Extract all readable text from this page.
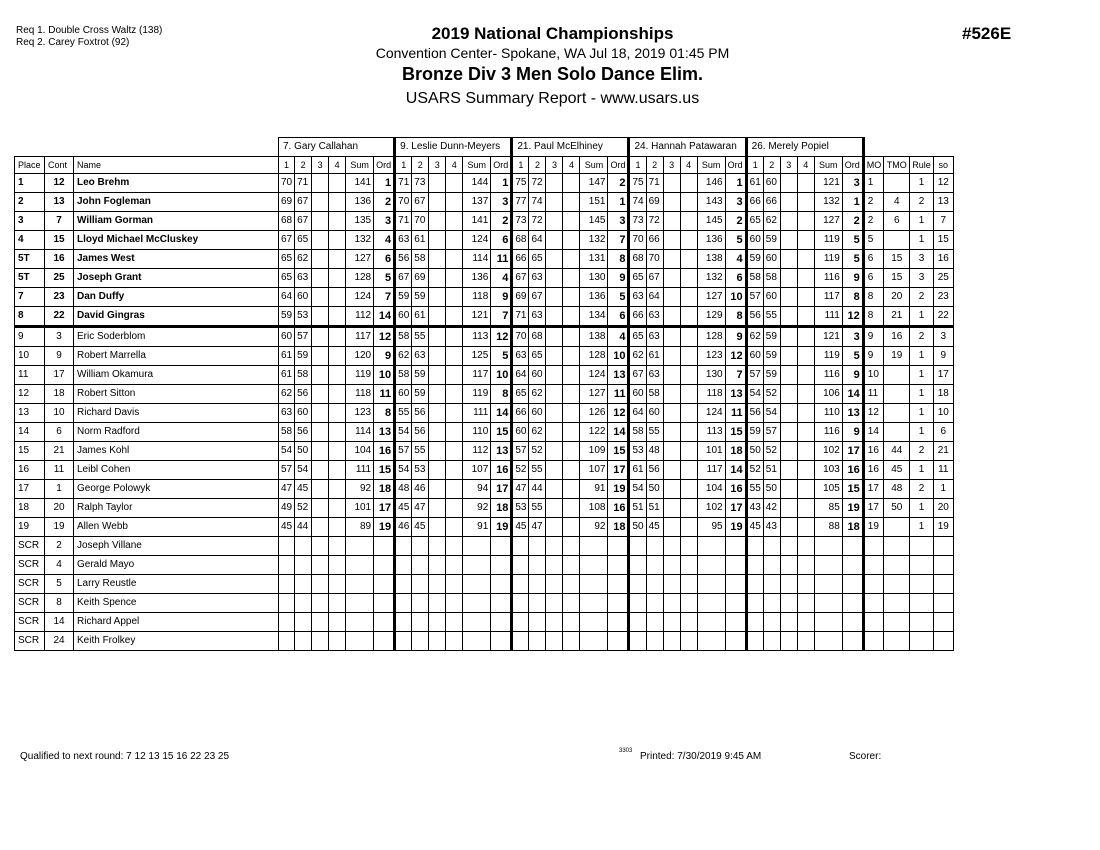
Req 1. Double Cross Waltz (138)
Req 2. Carey Foxtrot (92)	2019 National Championships
Convention Center- Spokane, WA Jul 18, 2019 01:45 PM
Bronze Div 3 Men Solo Dance Elim.
USARS Summary Report - www.usars.us
#526E
			7. Gary Callahan						9. Leslie Dunn-Meyers						21. Paul McElhiney						24. Hannah Patawaran						26. Merely Popiel									
Place	Cont	Name	1	2	3	4	Sum	Ord	1	2	3	4	Sum	Ord	1	2	3	4	Sum	Ord	1	2	3	4	Sum	Ord	1	2	3	4	Sum	Ord	MO	TMO	Rule	so
1	12	Leo Brehm	70	71			141	1	71	73			144	1	75	72			147	2	75	71			146	1	61	60			121	3	1		1	12
2	13	John Fogleman	69	67			136	2	70	67			137	3	77	74			151	1	74	69			143	3	66	66			132	1	2	4	2	13
3	7	William Gorman	68	67			135	3	71	70			141	2	73	72			145	3	73	72			145	2	65	62			127	2	2	6	1	7
4	15	Lloyd Michael McCluskey	67	65			132	4	63	61			124	6	68	64			132	7	70	66			136	5	60	59			119	5	5		1	15
5T	16	James West	65	62			127	6	56	58			114	11	66	65			131	8	68	70			138	4	59	60			119	5	6	15	3	16
5T	25	Joseph Grant	65	63			128	5	67	69			136	4	67	63			130	9	65	67			132	6	58	58			116	9	6	15	3	25
7	23	Dan Duffy	64	60			124	7	59	59			118	9	69	67			136	5	63	64			127	10	57	60			117	8	8	20	2	23
8	22	David Gingras	59	53			112	14	60	61			121	7	71	63			134	6	66	63			129	8	56	55			111	12	8	21	1	22
9	3	Eric Soderblom	60	57			117	12	58	55			113	12	70	68			138	4	65	63			128	9	62	59			121	3	9	16	2	3
10	9	Robert Marrella	61	59			120	9	62	63			125	5	63	65			128	10	62	61			123	12	60	59			119	5	9	19	1	9
11	17	William Okamura	61	58			119	10	58	59			117	10	64	60			124	13	67	63			130	7	57	59			116	9	10		1	17
12	18	Robert Sitton	62	56			118	11	60	59			119	8	65	62			127	11	60	58			118	13	54	52			106	14	11		1	18
13	10	Richard Davis	63	60			123	8	55	56			111	14	66	60			126	12	64	60			124	11	56	54			110	13	12		1	10
14	6	Norm Radford	58	56			114	13	54	56			110	15	60	62			122	14	58	55			113	15	59	57			116	9	14		1	6
15	21	James Kohl	54	50			104	16	57	55			112	13	57	52			109	15	53	48			101	18	50	52			102	17	16	44	2	21
16	11	Leibl Cohen	57	54			111	15	54	53			107	16	52	55			107	17	61	56			117	14	52	51			103	16	16	45	1	11
17	1	George Polowyk	47	45			92	18	48	46			94	17	47	44			91	19	54	50			104	16	55	50			105	15	17	48	2	1
18	20	Ralph Taylor	49	52			101	17	45	47			92	18	53	55			108	16	51	51			102	17	43	42			85	19	17	50	1	20
19	19	Allen Webb	45	44			89	19	46	45			91	19	45	47			92	18	50	45			95	19	45	43			88	18	19		1	19
SCR	2	Joseph Villane																																		
SCR	4	Gerald Mayo																																		
SCR	5	Larry Reustle																																		
SCR	8	Keith Spence																																		
SCR	14	Richard Appel																																		
SCR	24	Keith Frolkey																																		
Qualified to next round: 7 12 13 15 16 22 23 25	3303 Printed: 7/30/2019 9:45 AM	Scorer:
